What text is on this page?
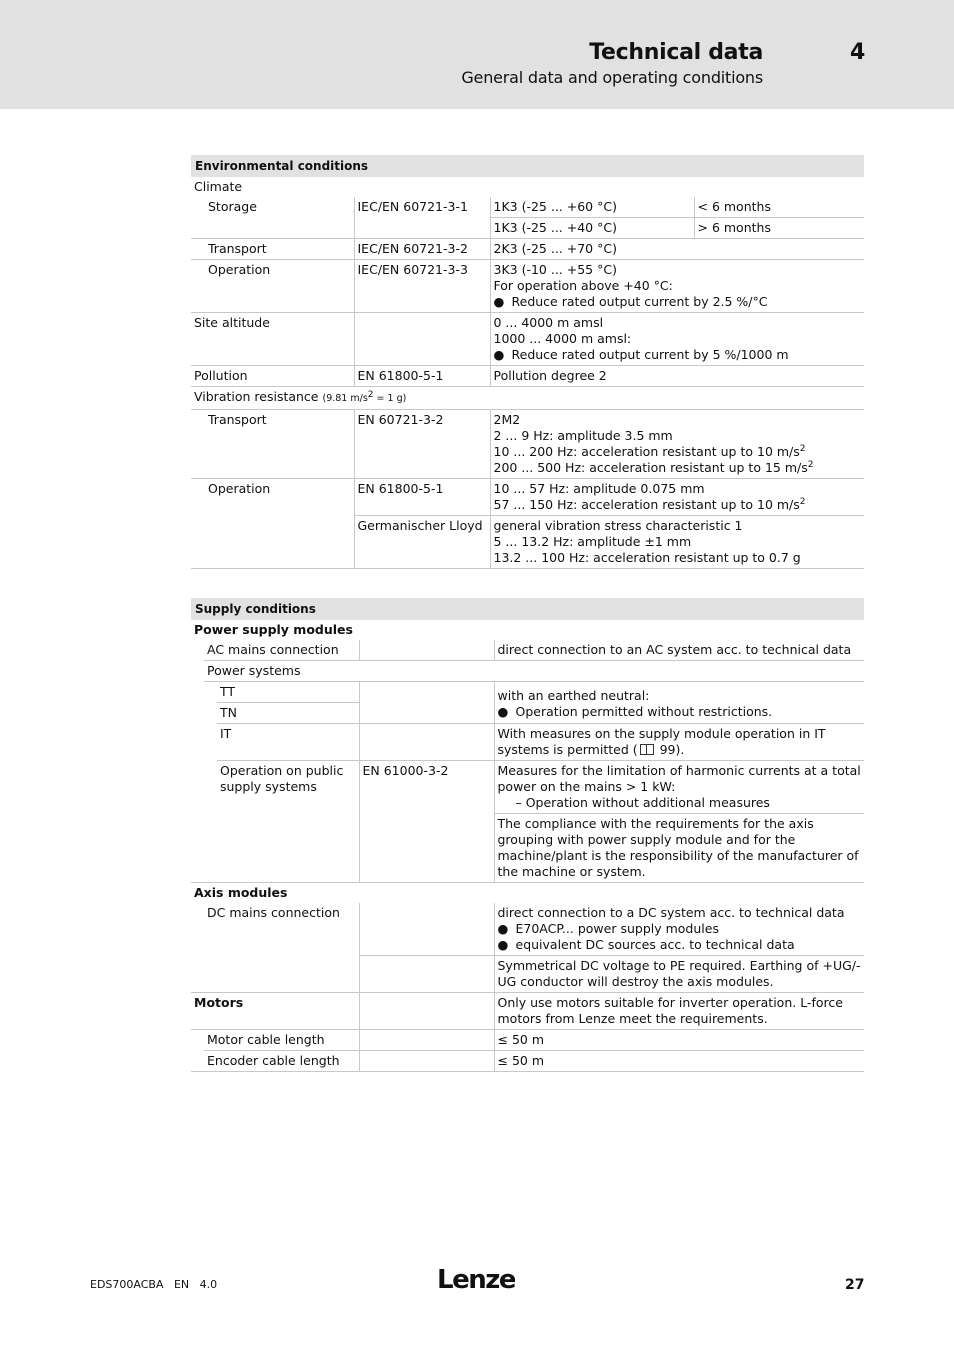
Technical data	4
General data and operating conditions
Environmental conditions			
Climate			
Storage	IEC/EN 60721-3-1	1K3 (-25 ... +60 °C)	< 6 months
		1K3 (-25 ... +40 °C)	> 6 months
Transport	IEC/EN 60721-3-2	2K3 (-25 ... +70 °C)	
Operation	IEC/EN 60721-3-3	3K3 (-10 ... +55 °C)
For operation above +40 °C:
● Reduce rated output current by 2.5 %/°C	

Site altitude		0 ... 4000 m amsl
1000 ... 4000 m amsl:
● Reduce rated output current by 5 %/1000 m	

Pollution	EN 61800-5-1	Pollution degree 2	
Vibration resistance (9.81 $m/s^2 = 1$ g)			
Transport	EN 60721-3-2	2M2
2 ... 9 Hz: amplitude 3.5 mm
10 ... 200 Hz: acceleration resistant up to 10 $m/s^2$
200 ... 500 Hz: acceleration resistant up to 15 $m/s^2$

Operation	EN 61800-5-1	10 ... 57 Hz: amplitude 0.075 mm
57 ... 150 Hz: acceleration resistant up to 10 $m/s^2$

	Germanischer Lloyd	general vibration stress characteristic 1
5 ... 13.2 Hz: amplitude ±1 mm
13.2 ... 100 Hz: acceleration resistant up to 0.7 g	
Supply conditions				
Power supply modules				
	AC mains connection			direct connection to an AC system acc. to technical data
	Power systems			
		TT		with an earthed neutral:
● Operation permitted without restrictions.

		TN		
		IT		With measures on the supply module operation in IT systems is permitted ( 99).
		Operation on public supply systems	EN 61000-3-2	Measures for the limitation of harmonic currents at a total power on the mains > 1 kW:
– Operation without additional measures

				The compliance with the requirements for the axis grouping with power supply module and for the machine/plant is the responsibility of the manufacturer of the machine or system.
Axis modules				
	DC mains connection			direct connection to a DC system acc. to technical data
● E70ACP... power supply modules
● equivalent DC sources acc. to technical data

				Symmetrical DC voltage to PE required. Earthing of +UG/-UG conductor will destroy the axis modules.
Motors				Only use motors suitable for inverter operation. L-force motors from Lenze meet the requirements.
	Motor cable length			≤ 50 m
	Encoder cable length			≤ 50 m
EDS700ACBA   EN   4.0	Lenze	27
